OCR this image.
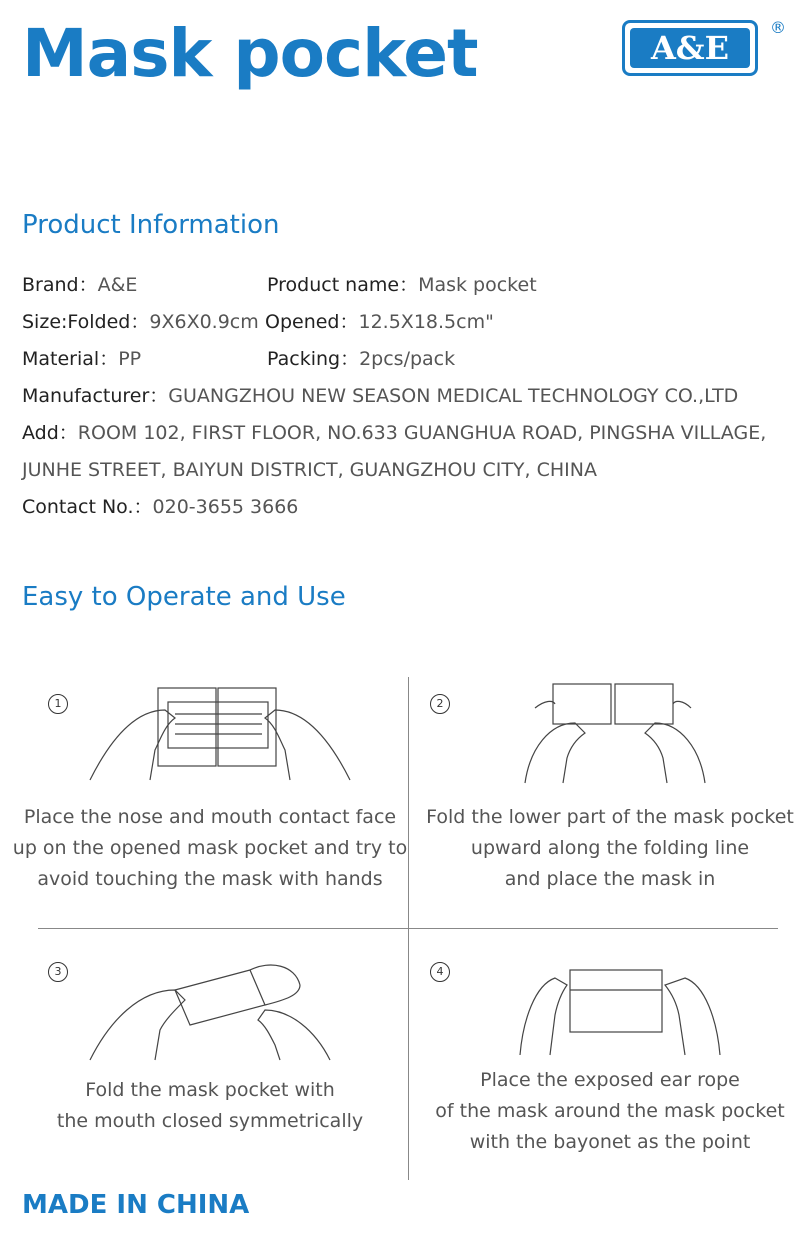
Mask pocket	A&E
®
Product Information
Brand：A&E	Product name：Mask pocket
Size:Folded：9X6X0.9cm Opened：12.5X18.5cm"
Material：PP	Packing：2pcs/pack
Manufacturer：GUANGZHOU NEW SEASON MEDICAL TECHNOLOGY CO.,LTD
Add：ROOM 102, FIRST FLOOR, NO.633 GUANGHUA ROAD, PINGSHA VILLAGE,
JUNHE STREET, BAIYUN DISTRICT, GUANGZHOU CITY, CHINA
Contact No.：020-3655 3666
Easy to Operate and Use
1
Place the nose and mouth contact face
up on the opened mask pocket and try to
avoid touching the mask with hands
2
Fold the lower part of the mask pocket
upward along the folding line
and place the mask in
3
Fold the mask pocket with
the mouth closed symmetrically
4
Place the exposed ear rope
of the mask around the mask pocket
with the bayonet as the point
MADE IN CHINA
